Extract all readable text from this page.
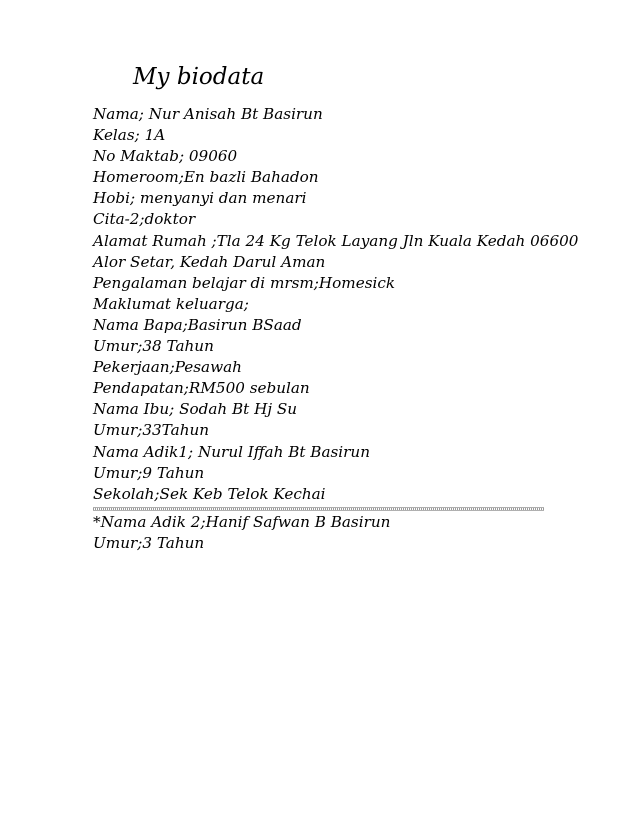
My biodata
Nama; Nur Anisah Bt Basirun
Kelas; 1A
No Maktab; 09060
Homeroom;En bazli Bahadon
Hobi; menyanyi dan menari
Cita-2;doktor
Alamat Rumah ;Tla 24 Kg Telok Layang Jln Kuala Kedah 06600
Alor Setar, Kedah Darul Aman
Pengalaman belajar di mrsm;Homesick
Maklumat keluarga;
Nama Bapa;Basirun BSaad
Umur;38 Tahun
Pekerjaan;Pesawah
Pendapatan;RM500 sebulan
Nama Ibu; Sodah Bt Hj Su
Umur;33Tahun
Nama Adik1; Nurul Iffah Bt Basirun
Umur;9 Tahun
Sekolah;Sek Keb Telok Kechai
*Nama Adik 2;Hanif Safwan B Basirun
Umur;3 Tahun
